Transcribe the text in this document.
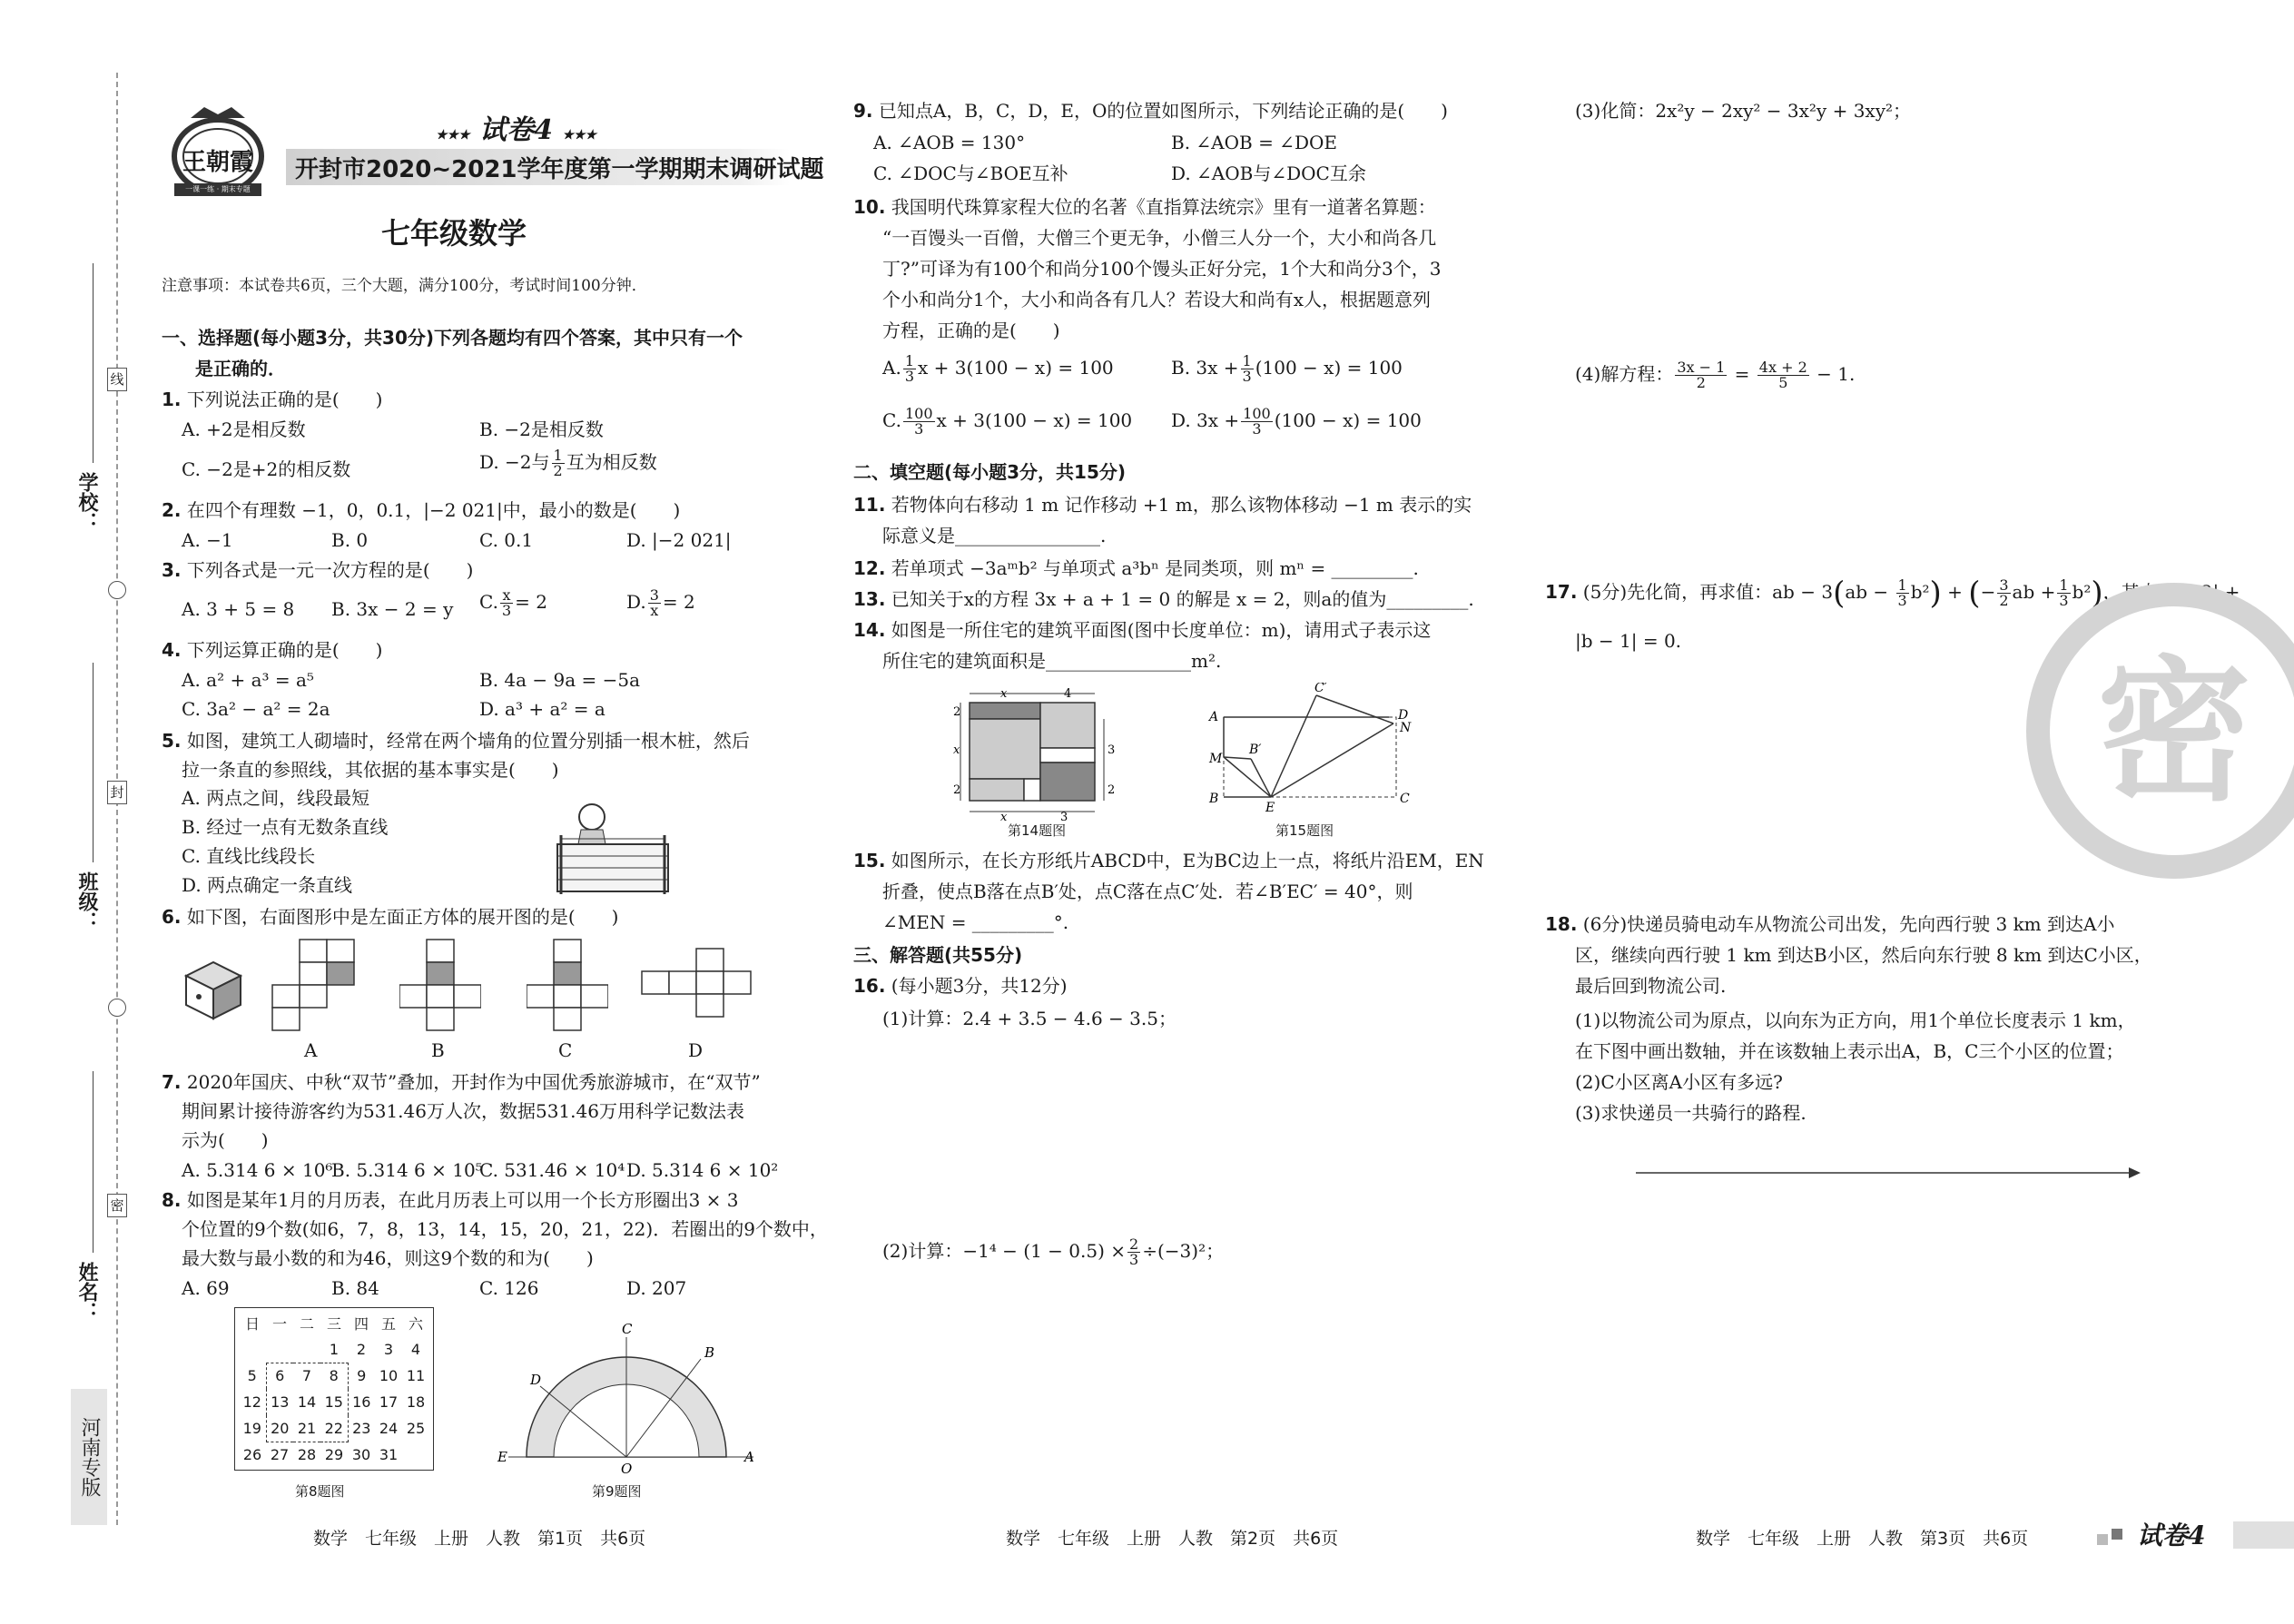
学校：
班级：
姓名：
线
封
密
河南专版
王朝霞
一课一练 · 期末专题
★★★ 试卷4 ★★★
开封市2020~2021学年度第一学期期末调研试题
七年级数学
注意事项：本试卷共6页，三个大题，满分100分，考试时间100分钟．
一、选择题(每小题3分，共30分)下列各题均有四个答案，其中只有一个
是正确的．
1. 下列说法正确的是(　　)
A. +2是相反数	B. −2是相反数
C. −2是+2的相反数	D. −2与 $\frac{1}{2}$ 互为相反数
2. 在四个有理数 −1，0，0.1，|−2 021|中，最小的数是(　　)
A. −1	B. 0	C. 0.1	D. |−2 021|
3. 下列各式是一元一次方程的是(　　)
A. 3 + 5 = 8 B. 3x − 2 = y C. $\frac{x}{3} = 2$	D. $\frac{3}{x} = 2$
4. 下列运算正确的是(　　)
A. a² + a³ = a⁵	B. 4a − 9a = −5a
C. 3a² − a² = 2a	D. a³ + a² = a
5. 如图，建筑工人砌墙时，经常在两个墙角的位置分别插一根木桩，然后
拉一条直的参照线，其依据的基本事实是(　　)
A. 两点之间，线段最短
B. 经过一点有无数条直线
C. 直线比线段长
D. 两点确定一条直线
6. 如下图，右面图形中是左面正方体的展开图的是(　　)
A	B	C	D
7. 2020年国庆、中秋“双节”叠加，开封作为中国优秀旅游城市，在“双节”
期间累计接待游客约为531.46万人次，数据531.46万用科学记数法表
示为(　　)
A. 5.314 6 × 10⁶
B. 5.314 6 × 10⁵
C. 531.46 × 10⁴ D. 5.314 6 × 10²
8. 如图是某年1月的月历表，在此月历表上可以用一个长方形圈出3 × 3
个位置的9个数(如6，7，8，13，14，15，20，21，22)．若圈出的9个数中，
最大数与最小数的和为46，则这9个数的和为(　　)
A. 69	B. 84	C. 126	D. 207
日	一	二	三	四	五	六
			1	2	3	4
5	6	7	8	9	10	11
12	13	14	15	16	17	18
19	20	21	22	23	24	25
26	27	28	29	30	31	
第8题图
C
B
D
E
O
A
第9题图
数学　七年级　上册　人教　第1页　共6页
9. 已知点A，B，C，D，E，O的位置如图所示，下列结论正确的是(　　)
A. ∠AOB = 130°	B. ∠AOB = ∠DOE
C. ∠DOC与∠BOE互补	D. ∠AOB与∠DOC互余
10. 我国明代珠算家程大位的名著《直指算法统宗》里有一道著名算题：
“一百馒头一百僧，大僧三个更无争，小僧三人分一个，大小和尚各几
丁?”可译为有100个和尚分100个馒头正好分完，1个大和尚分3个，3
个小和尚分1个，大小和尚各有几人？若设大和尚有x人，根据题意列
方程，正确的是(　　)
A. $\frac{1}{3}$ x + 3(100 − x) = 100	B. $3x + \frac{1}{3} (100 - x) = 100$
C. $\frac{100}{3}$ x + 3(100 − x) = 100 D. $3x + \frac{100}{3} (100 - x) = 100$
二、填空题(每小题3分，共15分)
11. 若物体向右移动 1 m 记作移动 +1 m，那么该物体移动 −1 m 表示的实
际意义是________________.
12. 若单项式 −3aᵐb² 与单项式 a³bⁿ 是同类项，则 mⁿ = _________.
13. 已知关于x的方程 3x + a + 1 = 0 的解是 x = 2，则a的值为_________.
14. 如图是一所住宅的建筑平面图(图中长度单位：m)，请用式子表示这
所住宅的建筑面积是________________m².
x	4
2
x
2
x	3
3
2
第14题图
C′
A	D
N
B′
M
B
E
C
第15题图
15. 如图所示，在长方形纸片ABCD中，E为BC边上一点，将纸片沿EM，EN
折叠，使点B落在点B′处，点C落在点C′处．若∠B′EC′ = 40°，则
∠MEN = _________°.
三、解答题(共55分)
16. (每小题3分，共12分)
(1)计算：2.4 + 3.5 − 4.6 − 3.5；
(2)计算：$-1^4 - (1 - 0.5) \times \frac{2}{3} \div(-3)^2$；
数学　七年级　上册　人教　第2页　共6页
(3)化简：2x²y − 2xy² − 3x²y + 3xy²；
(4)解方程： $\frac{3x - 1}{2} = \frac{4x + 2}{5} - 1$.
17. (5分)先化简，再求值：ab − $3(ab - \frac{1}{3} b^2)$ + (− $\frac{3}{2}$ ab + $\frac{1}{3} b^2$)，其中|a + 2| +
|b − 1| = 0.
密
18. (6分)快递员骑电动车从物流公司出发，先向西行驶 3 km 到达A小
区，继续向西行驶 1 km 到达B小区，然后向东行驶 8 km 到达C小区，
最后回到物流公司.
(1)以物流公司为原点，以向东为正方向，用1个单位长度表示 1 km，
在下图中画出数轴，并在该数轴上表示出A，B，C三个小区的位置；
(2)C小区离A小区有多远?
(3)求快递员一共骑行的路程.
数学　七年级　上册　人教　第3页　共6页	试卷4
